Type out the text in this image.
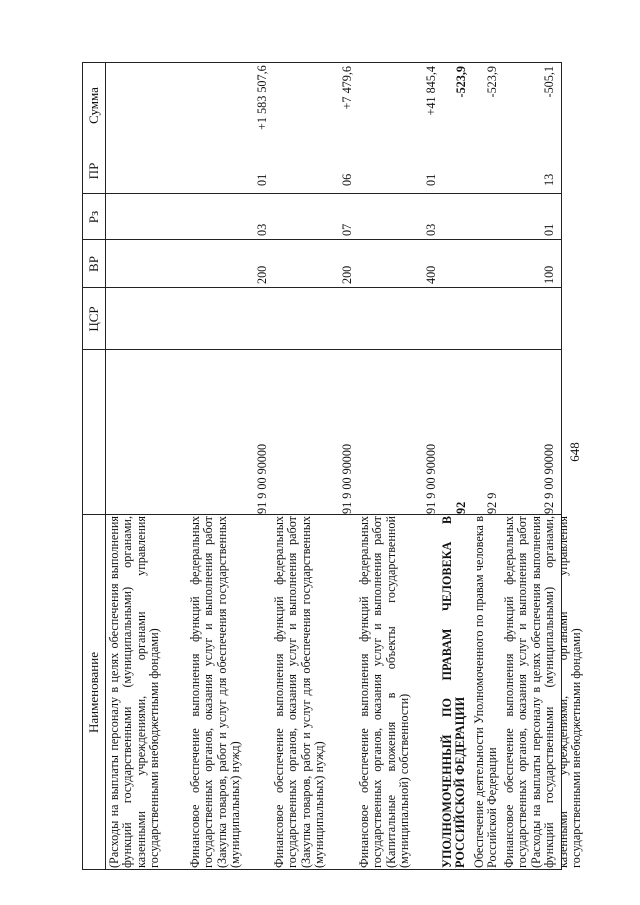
648
Наименование
ЦСР
ВР
Рз
ПР
Сумма
(Расходы на выплаты персоналу в целях обеспечения выполнения функций государственными (муниципальными) органами, казенными учреждениями, органами управления государственными внебюджетными фондами) Финансовое обеспечение выполнения функций федеральных государственных органов, оказания услуг и выполнения работ (Закупка товаров, работ и услуг для обеспечения государственных (муниципальных) нужд)
91 9 00 90000
200
03
01
+1 583 507,6
Финансовое обеспечение выполнения функций федеральных государственных органов, оказания услуг и выполнения работ (Закупка товаров, работ и услуг для обеспечения государственных (муниципальных) нужд)
91 9 00 90000
200
07
06
+7 479,6
Финансовое обеспечение выполнения функций федеральных государственных органов, оказания услуг и выполнения работ (Капитальные вложения в объекты государственной (муниципальной) собственности)
91 9 00 90000
400
03
01
+41 845,4
УПОЛНОМОЧЕННЫЙ ПО ПРАВАМ ЧЕЛОВЕКА В РОССИЙСКОЙ ФЕДЕРАЦИИ
92
-523,9
Обеспечение деятельности Уполномоченного по правам человека в Российской Федерации
92 9
-523,9
Финансовое обеспечение выполнения функций федеральных государственных органов, оказания услуг и выполнения работ (Расходы на выплаты персоналу в целях обеспечения выполнения функций государственными (муниципальными) органами, казенными учреждениями, органами управления государственными внебюджетными фондами)
92 9 00 90000
100
01
13
-505,1
